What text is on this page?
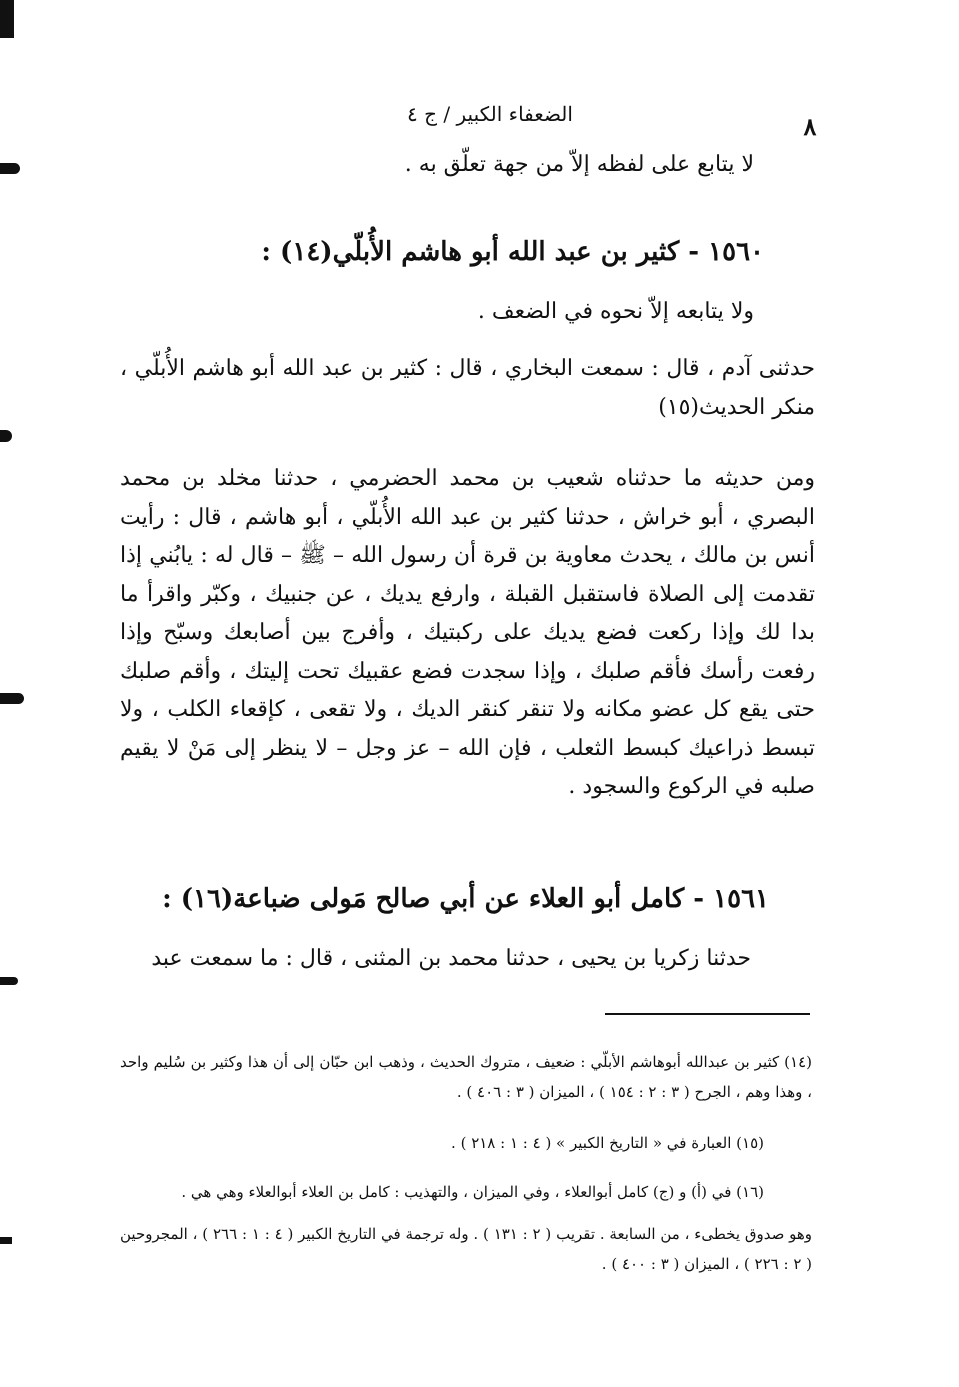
الضعفاء الكبير / ج ٤	٨
لا يتابع على لفظه إلاّ من جهة تعلّق به .
١٥٦٠ - كثير بن عبد الله أبو هاشم الأُبلّي(١٤) :
ولا يتابعه إلاّ نحوه في الضعف .
حدثنى آدم ، قال : سمعت البخاري ، قال : كثير بن عبد الله أبو هاشم الأُبلّي ، منكر الحديث(١٥)
ومن حديثه ما حدثناه شعيب بن محمد الحضرمي ، حدثنا مخلد بن محمد البصري ، أبو خراش ، حدثنا كثير بن عبد الله الأُبلّي ، أبو هاشم ، قال : رأيت أنس بن مالك ، يحدث معاوية بن قرة أن رسول الله – ﷺ – قال له : يابُني إذا تقدمت إلى الصلاة فاستقبل القبلة ، وارفع يديك ، عن جنبيك ، وكبّر واقرأ ما بدا لك وإذا ركعت فضع يديك على ركبتيك ، وأفرج بين أصابعك وسبّح وإذا رفعت رأسك فأقم صلبك ، وإذا سجدت فضع عقبيك تحت إليتك ، وأقم صلبك حتى يقع كل عضو مكانه ولا تنقر كنقر الديك ، ولا تقعى ، كإقعاء الكلب ، ولا تبسط ذراعيك كبسط الثعلب ، فإن الله – عز وجل – لا ينظر إلى مَنْ لا يقيم صلبه في الركوع والسجود .
١٥٦١ - كامل أبو العلاء عن أبي صالح مَولى ضباعة(١٦) :
حدثنا زكريا بن يحيى ، حدثنا محمد بن المثنى ، قال : ما سمعت عبد
(١٤) كثير بن عبدالله أبوهاشم الأبلّي : ضعيف ، متروك الحديث ، وذهب ابن حبّان إلى أن هذا وكثير بن سُليم واحد ، وهذا وهم ، الجرح ( ٣ : ٢ : ١٥٤ ) ، الميزان ( ٣ : ٤٠٦ ) .
(١٥) العبارة في « التاريخ الكبير » ( ٤ : ١ : ٢١٨ ) .
(١٦) في (أ) و (ج) كامل أبوالعلاء ، وفي الميزان ، والتهذيب : كامل بن العلاء أبوالعلاء وهي هي .
وهو صدوق يخطىء ، من السابعة . تقريب ( ٢ : ١٣١ ) . وله ترجمة في التاريخ الكبير ( ٤ : ١ : ٢٦٦ ) ، المجروحين ( ٢ : ٢٢٦ ) ، الميزان ( ٣ : ٤٠٠ ) .
